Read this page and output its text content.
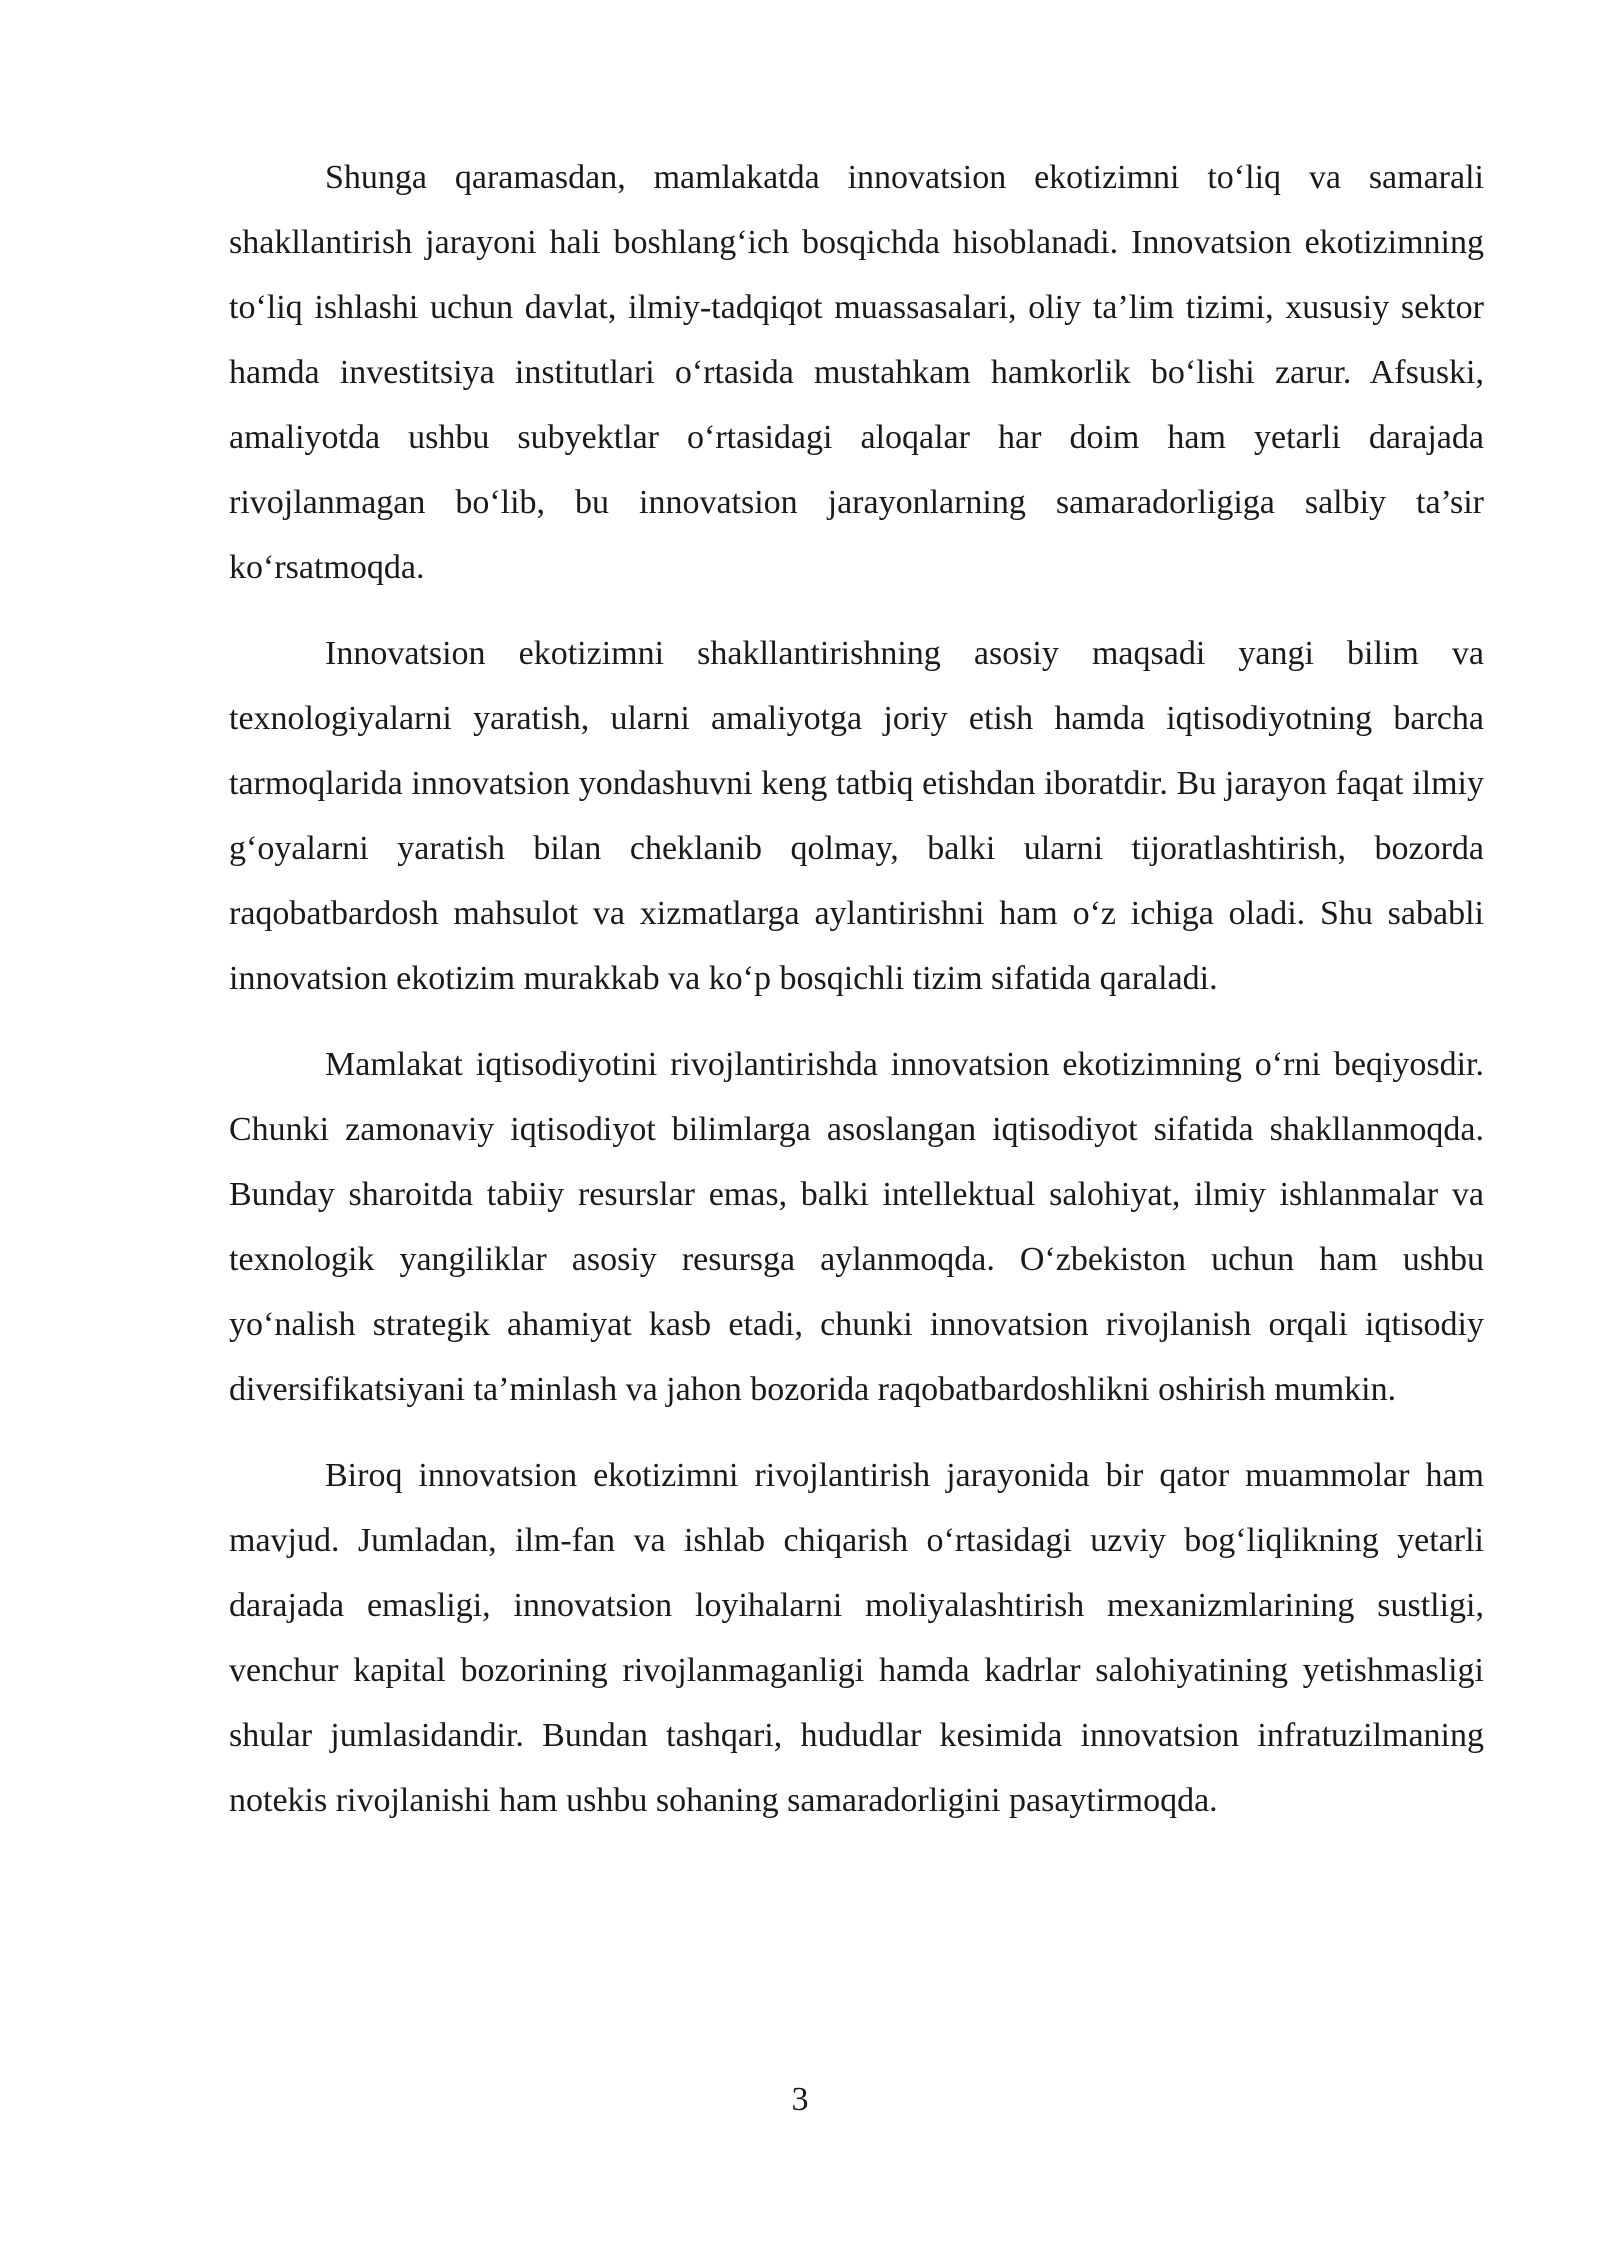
Shunga qaramasdan, mamlakatda innovatsion ekotizimni to‘liq va samarali shakllantirish jarayoni hali boshlang‘ich bosqichda hisoblanadi. Innovatsion ekotizimning to‘liq ishlashi uchun davlat, ilmiy-tadqiqot muassasalari, oliy ta’lim tizimi, xususiy sektor hamda investitsiya institutlari o‘rtasida mustahkam hamkorlik bo‘lishi zarur. Afsuski, amaliyotda ushbu subyektlar o‘rtasidagi aloqalar har doim ham yetarli darajada rivojlanmagan bo‘lib, bu innovatsion jarayonlarning samaradorligiga salbiy ta’sir ko‘rsatmoqda.

Innovatsion ekotizimni shakllantirishning asosiy maqsadi yangi bilim va texnologiyalarni yaratish, ularni amaliyotga joriy etish hamda iqtisodiyotning barcha tarmoqlarida innovatsion yondashuvni keng tatbiq etishdan iboratdir. Bu jarayon faqat ilmiy g‘oyalarni yaratish bilan cheklanib qolmay, balki ularni tijoratlashtirish, bozorda raqobatbardosh mahsulot va xizmatlarga aylantirishni ham o‘z ichiga oladi. Shu sababli innovatsion ekotizim murakkab va ko‘p bosqichli tizim sifatida qaraladi.

Mamlakat iqtisodiyotini rivojlantirishda innovatsion ekotizimning o‘rni beqiyosdir. Chunki zamonaviy iqtisodiyot bilimlarga asoslangan iqtisodiyot sifatida shakllanmoqda. Bunday sharoitda tabiiy resurslar emas, balki intellektual salohiyat, ilmiy ishlanmalar va texnologik yangiliklar asosiy resursga aylanmoqda. O‘zbekiston uchun ham ushbu yo‘nalish strategik ahamiyat kasb etadi, chunki innovatsion rivojlanish orqali iqtisodiy diversifikatsiyani ta’minlash va jahon bozorida raqobatbardoshlikni oshirish mumkin.

Biroq innovatsion ekotizimni rivojlantirish jarayonida bir qator muammolar ham mavjud. Jumladan, ilm-fan va ishlab chiqarish o‘rtasidagi uzviy bog‘liqlikning yetarli darajada emasligi, innovatsion loyihalarni moliyalashtirish mexanizmlarining sustligi, venchur kapital bozorining rivojlanmaganligi hamda kadrlar salohiyatining yetishmasligi shular jumlasidandir. Bundan tashqari, hududlar kesimida innovatsion infratuzilmaning notekis rivojlanishi ham ushbu sohaning samaradorligini pasaytirmoqda.

3
